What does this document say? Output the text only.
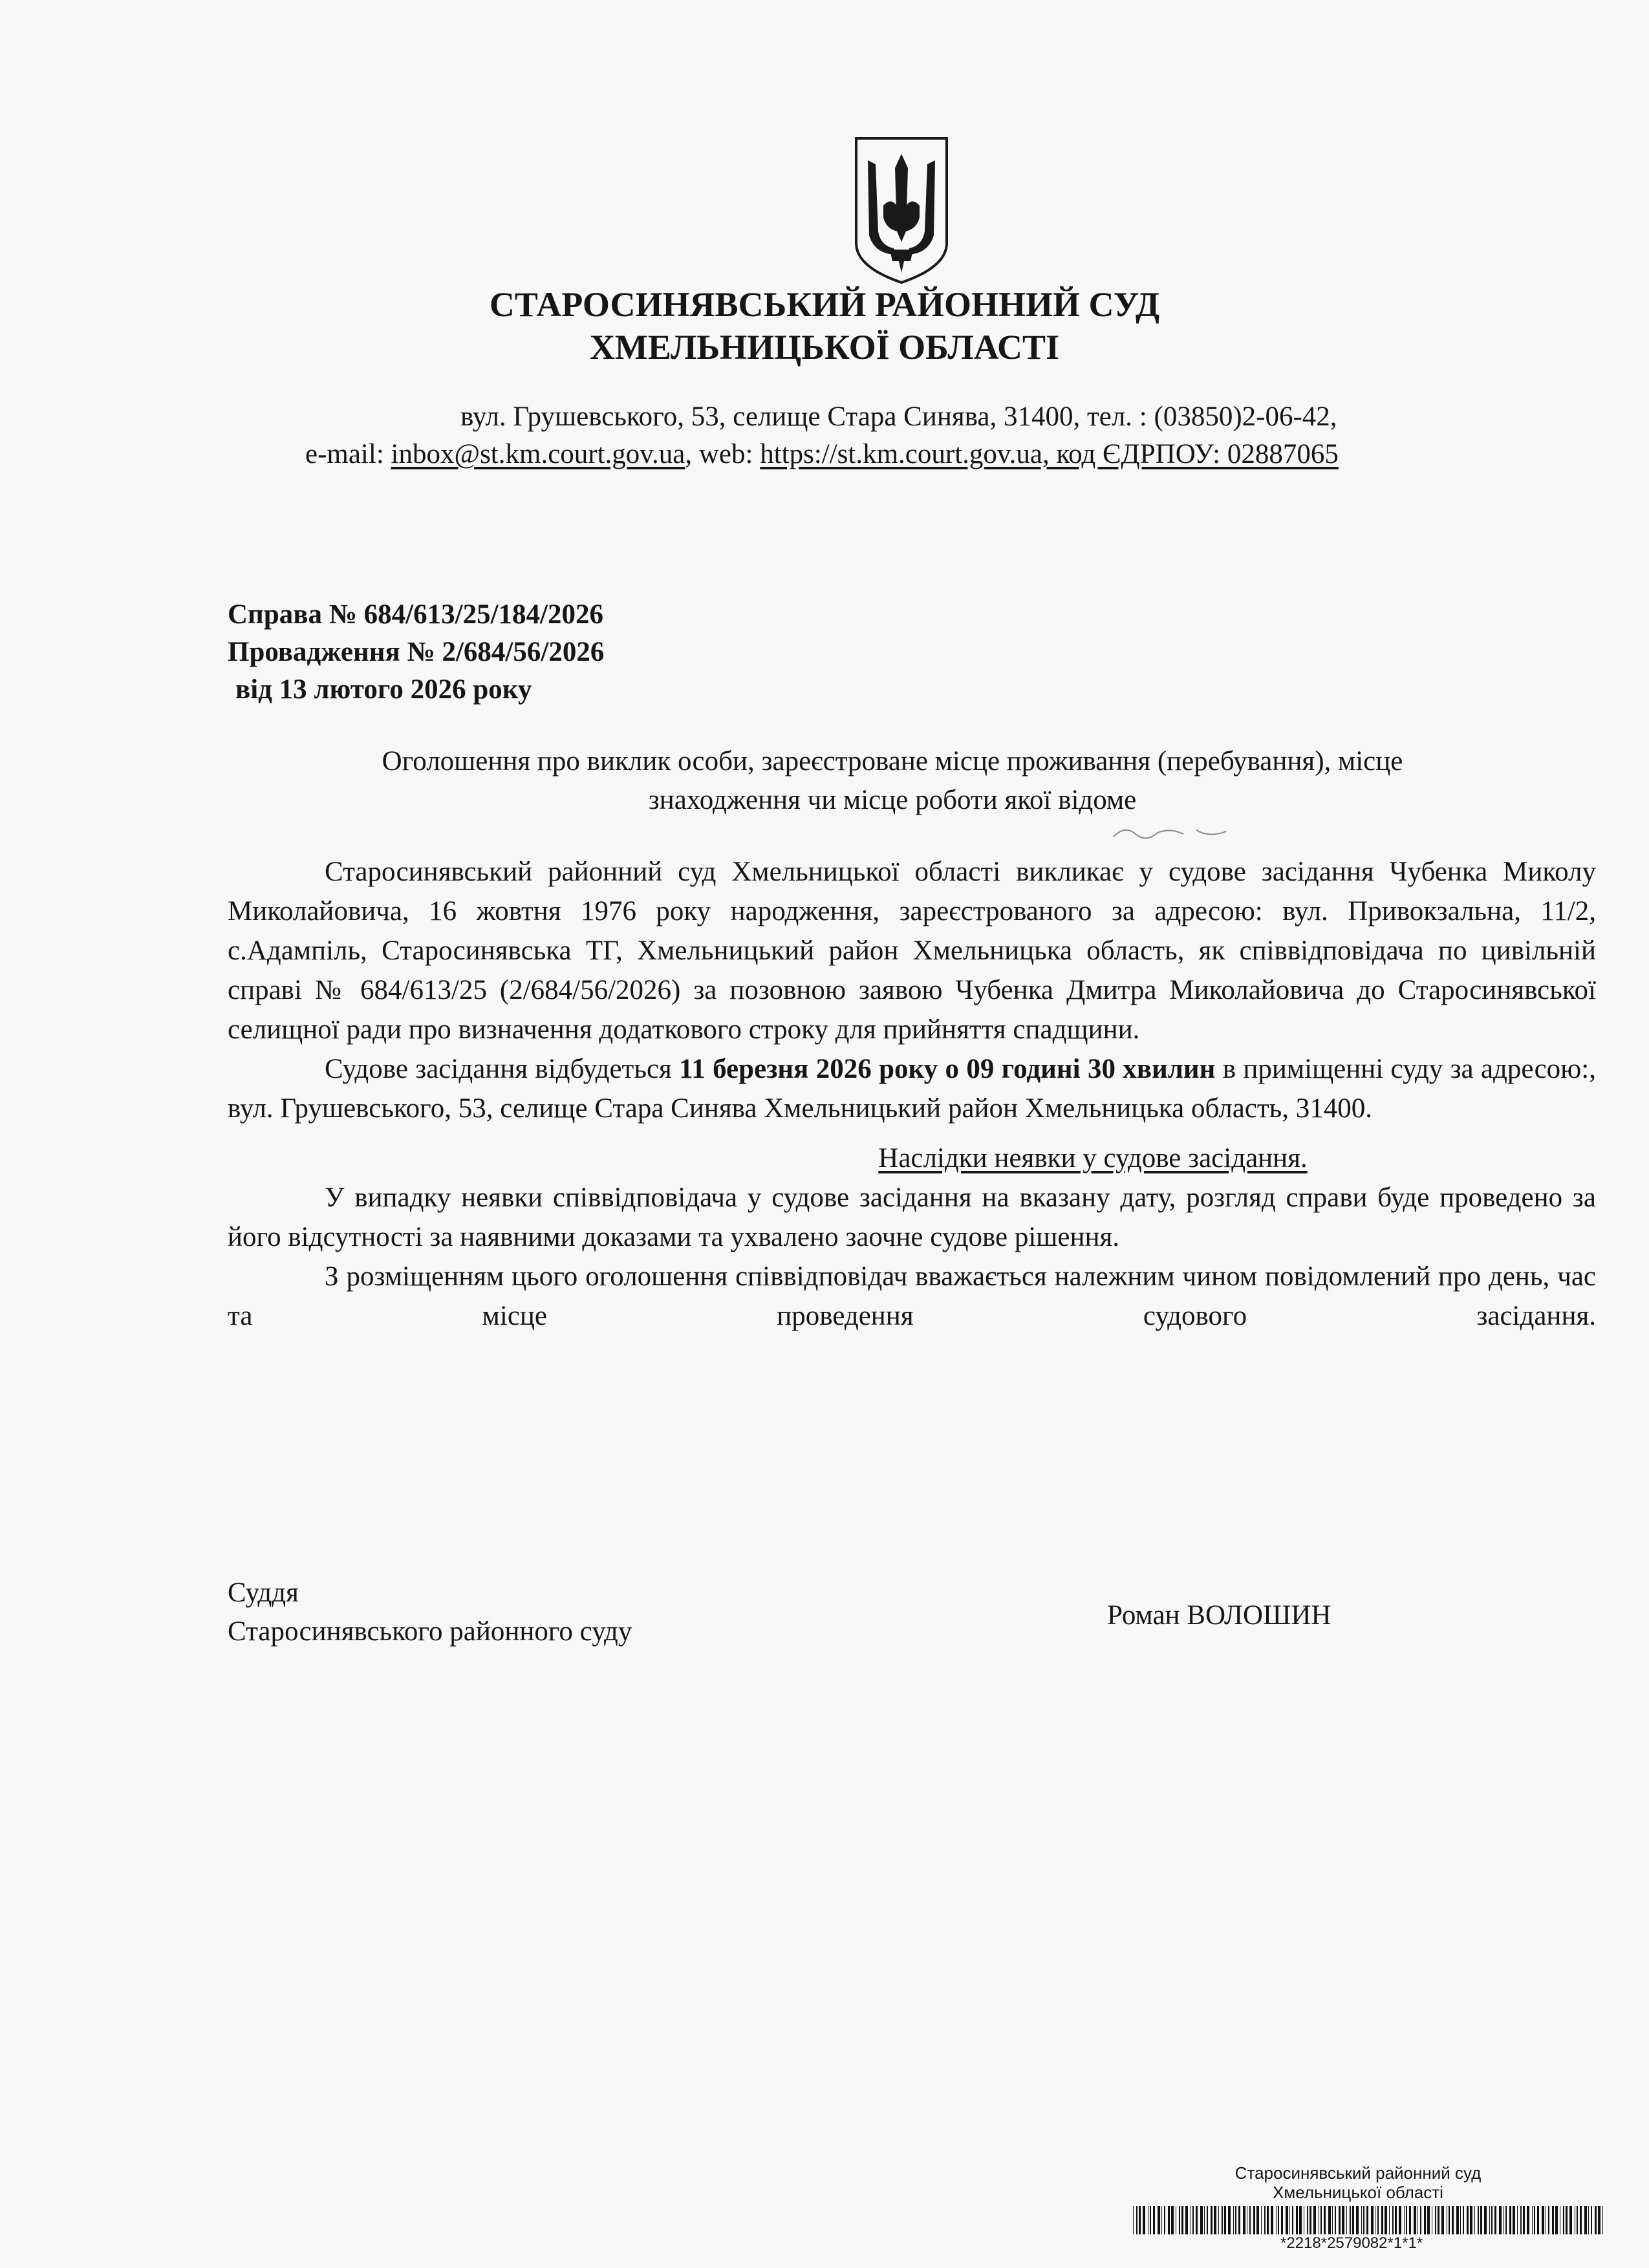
СТАРОСИНЯВСЬКИЙ РАЙОННИЙ СУД
ХМЕЛЬНИЦЬКОЇ ОБЛАСТІ
вул. Грушевського, 53, селище Стара Синява, 31400, тел. : (03850)2-06-42,
e-mail: inbox@st.km.court.gov.ua, web: https://st.km.court.gov.ua, код ЄДРПОУ: 02887065
Справа № 684/613/25/184/2026
Провадження № 2/684/56/2026
від 13 лютого 2026 року
Оголошення про виклик особи, зареєстроване місце проживання (перебування), місце
знаходження чи місце роботи якої відоме

Старосинявський районний суд Хмельницької області викликає у судове засідання Чубенка Миколу Миколайовича, 16 жовтня 1976 року народження, зареєстрованого за адресою: вул. Привокзальна, 11/2, с.Адампіль, Старосинявська ТГ, Хмельницький район Хмельницька область, як співвідповідача по цивільній справі № 684/613/25 (2/684/56/2026) за позовною заявою Чубенка Дмитра Миколайовича до Старосинявської селищної ради про визначення додаткового строку для прийняття спадщини.

Судове засідання відбудеться 11 березня 2026 року о 09 годині 30 хвилин в приміщенні суду за адресою:, вул. Грушевського, 53, селище Стара Синява Хмельницький район Хмельницька область, 31400.

Наслідки неявки у судове засідання.

У випадку неявки співвідповідача у судове засідання на вказану дату, розгляд справи буде проведено за його відсутності за наявними доказами та ухвалено заочне судове рішення.

З розміщенням цього оголошення співвідповідач вважається належним чином повідомлений про день, час та місце проведення судового засідання.

Суддя
Старосинявського районного суду
Роман ВОЛОШИН
Старосинявський районний суд
Хмельницької області
*2218*2579082*1*1*
